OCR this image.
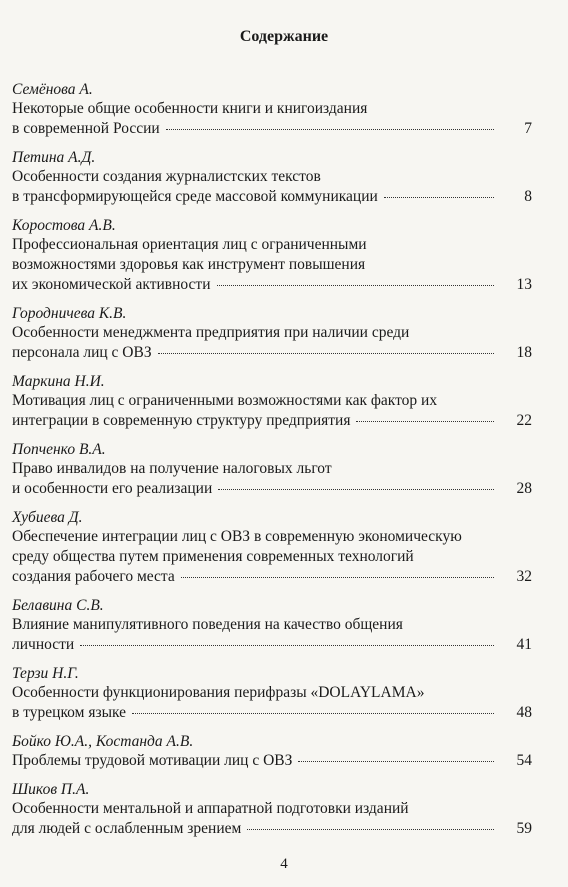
Содержание
Семёнова А.
Некоторые общие особенности книги и книгоиздания
в современной России	7
Петина А.Д.
Особенности создания журналистских текстов
в трансформирующейся среде массовой коммуникации	8
Коростова А.В.
Профессиональная ориентация лиц с ограниченными
возможностями здоровья как инструмент повышения
их экономической активности	13
Городничева К.В.
Особенности менеджмента предприятия при наличии среди
персонала лиц с ОВЗ	18
Маркина Н.И.
Мотивация лиц с ограниченными возможностями как фактор их
интеграции в современную структуру предприятия	22
Попченко В.А.
Право инвалидов на получение налоговых льгот
и особенности его реализации	28
Хубиева Д.
Обеспечение интеграции лиц с ОВЗ в современную экономическую
среду общества путем применения современных технологий
создания рабочего места	32
Белавина С.В.
Влияние манипулятивного поведения на качество общения
личности	41
Терзи Н.Г.
Особенности функционирования перифразы «DOLAYLAMA»
в турецком языке	48
Бойко Ю.А., Костанда А.В.
Проблемы трудовой мотивации лиц с ОВЗ	54
Шиков П.А.
Особенности ментальной и аппаратной подготовки изданий
для людей с ослабленным зрением	59
4
